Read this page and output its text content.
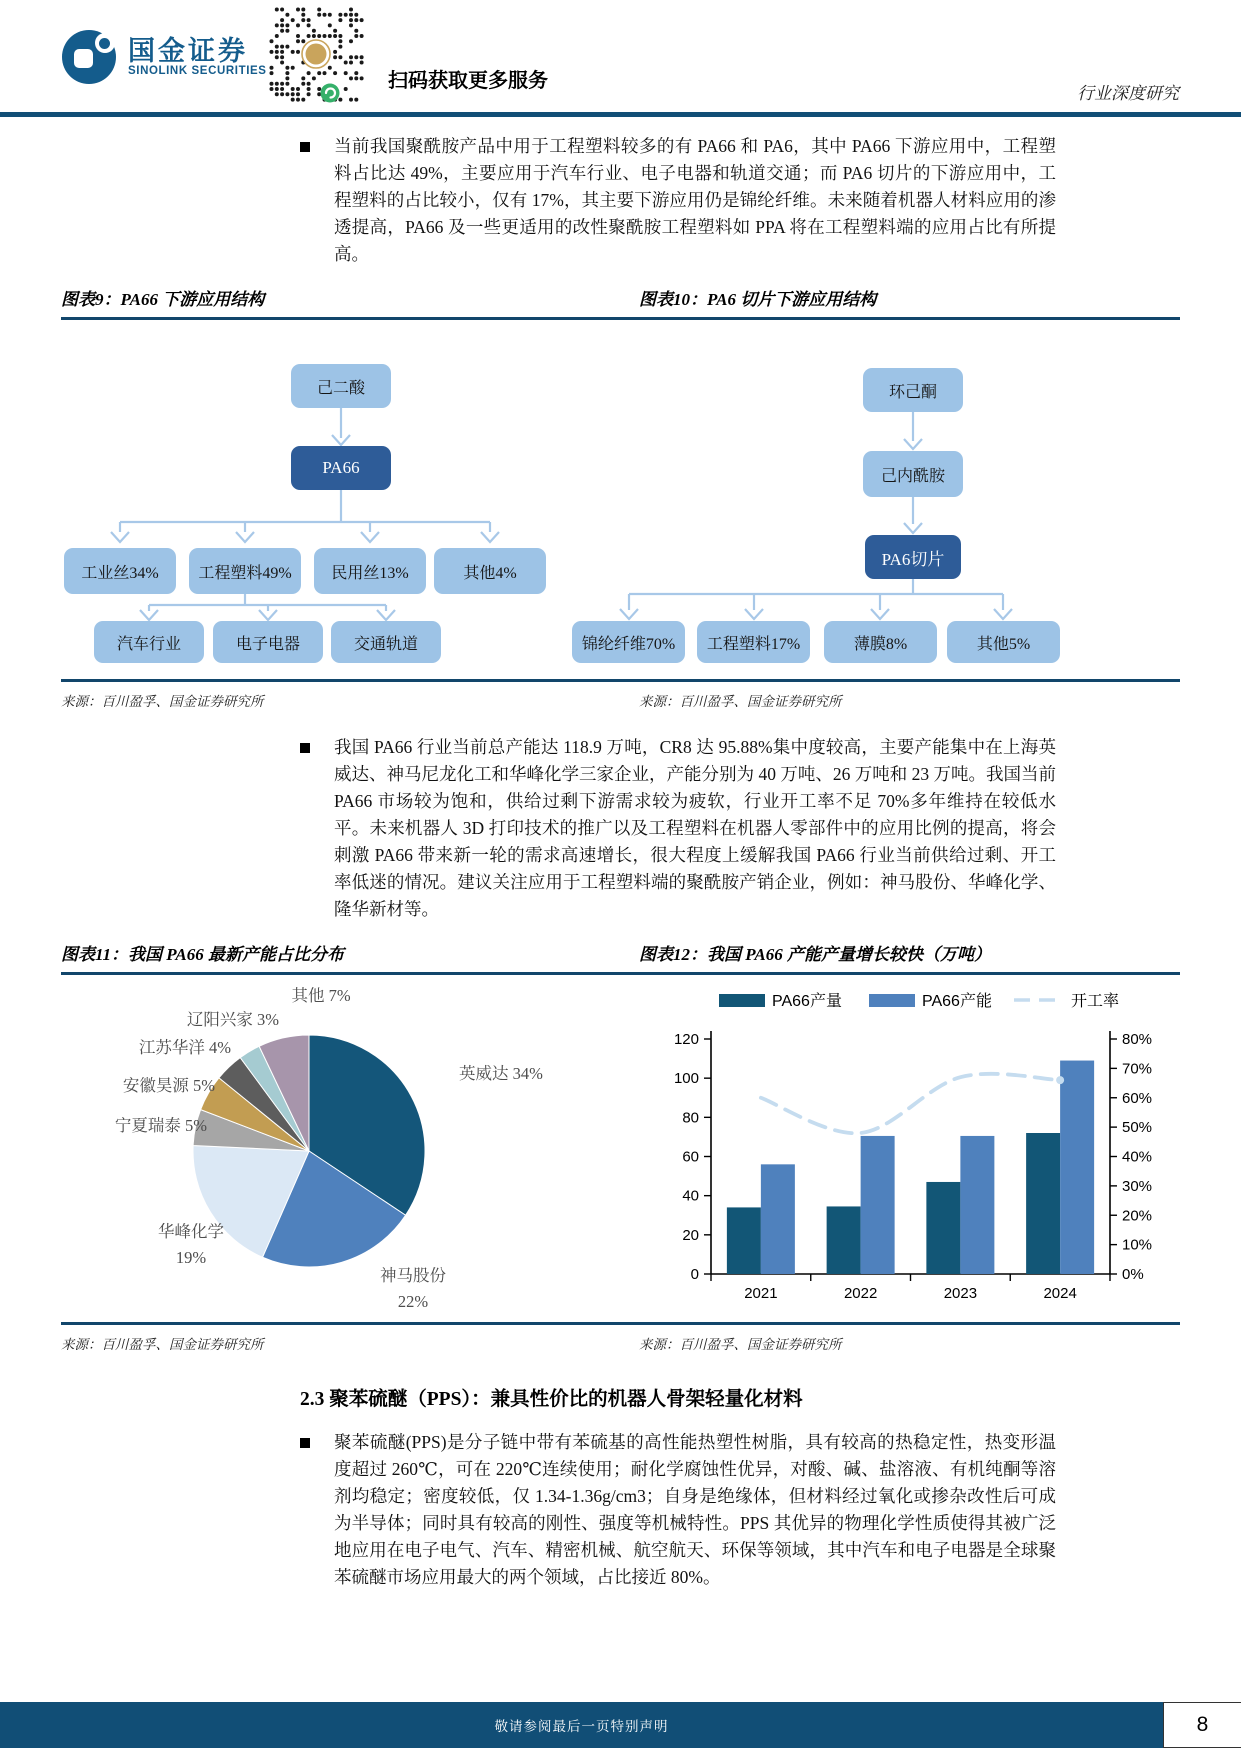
国金证券
SINOLINK SECURITIES	扫码获取更多服务
行业深度研究

当前我国聚酰胺产品中用于工程塑料较多的有 PA66 和 PA6，其中 PA66 下游应用中，工程塑料占比达 49%，主要应用于汽车行业、电子电器和轨道交通；而 PA6 切片的下游应用中，工程塑料的占比较小，仅有 17%，其主要下游应用仍是锦纶纤维。未来随着机器人材料应用的渗透提高，PA66 及一些更适用的改性聚酰胺工程塑料如 PPA 将在工程塑料端的应用占比有所提高。

图表9：PA66 下游应用结构	图表10：PA6 切片下游应用结构
己二酸
PA66
工业丝34% 工程塑料49% 民用丝13%	其他4%
汽车行业	电子电器	交通轨道
环己酮
己内酰胺
PA6切片
锦纶纤维70% 工程塑料17%	薄膜8%	其他5%
来源：百川盈孚、国金证券研究所	来源：百川盈孚、国金证券研究所

我国 PA66 行业当前总产能达 118.9 万吨，CR8 达 95.88%集中度较高，主要产能集中在上海英威达、神马尼龙化工和华峰化学三家企业，产能分别为 40 万吨、26 万吨和 23 万吨。我国当前 PA66 市场较为饱和，供给过剩下游需求较为疲软，行业开工率不足 70%多年维持在较低水平。未来机器人 3D 打印技术的推广以及工程塑料在机器人零部件中的应用比例的提高，将会刺激 PA66 带来新一轮的需求高速增长，很大程度上缓解我国 PA66 行业当前供给过剩、开工率低迷的情况。建议关注应用于工程塑料端的聚酰胺产销企业，例如：神马股份、华峰化学、隆华新材等。

图表11：我国 PA66 最新产能占比分布	图表12：我国 PA66 产能产量增长较快（万吨）
英威达 34%
神马股份
22%
华峰化学
19%
宁夏瑞泰 5%
安徽昊源 5%
江苏华洋 4%
辽阳兴家 3%
其他 7%	PA66产量	PA66产能	开工率
0
20
40
60
80
100
120
0%
10%
20%
30%
40%
50%
60%
70%
80%
2021	2022	2023	2024
来源：百川盈孚、国金证券研究所	来源：百川盈孚、国金证券研究所
2.3 聚苯硫醚（PPS）：兼具性价比的机器人骨架轻量化材料

聚苯硫醚(PPS)是分子链中带有苯硫基的高性能热塑性树脂，具有较高的热稳定性，热变形温度超过 260℃，可在 220℃连续使用；耐化学腐蚀性优异，对酸、碱、盐溶液、有机纯酮等溶剂均稳定；密度较低，仅 1.34-1.36g/cm3；自身是绝缘体，但材料经过氧化或掺杂改性后可成为半导体；同时具有较高的刚性、强度等机械特性。PPS 其优异的物理化学性质使得其被广泛地应用在电子电气、汽车、精密机械、航空航天、环保等领域，其中汽车和电子电器是全球聚苯硫醚市场应用最大的两个领域，占比接近 80%。

敬请参阅最后一页特别声明	8
